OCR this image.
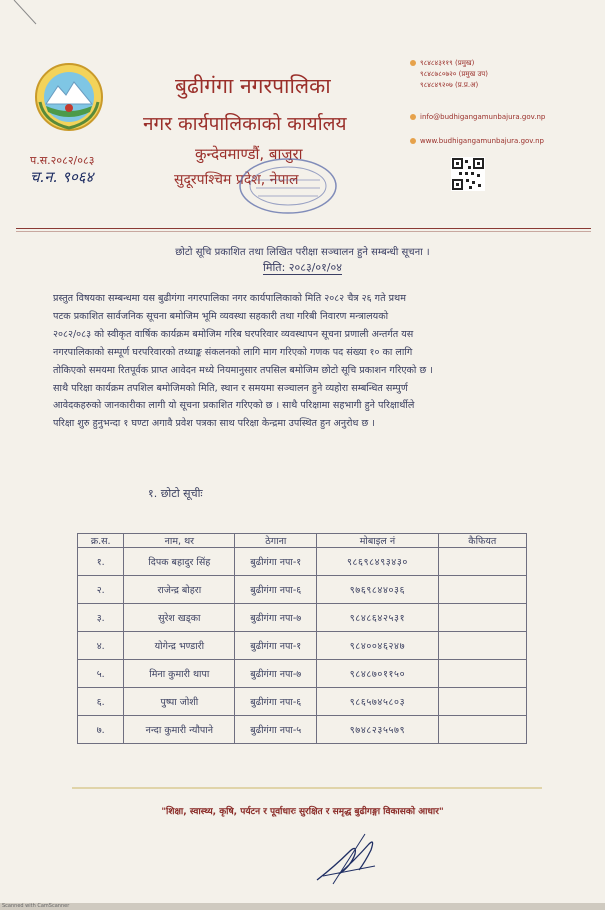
बुढीगंगा नगरपालिका
नगर कार्यपालिकाको कार्यालय
कुन्देवमाण्डौं, बाजुरा
सुदूरपश्चिम प्रदेश, नेपाल
प.स.२०८२/०८३
च.न. ९०६४
९८४८४३११९ (प्रमुख)
९८४८७८०७२० (प्रमुख उप)
९८४८४९२०७ (प्र.प्र.अ)
info@budhigangamunbajura.gov.np
www.budhigangamunbajura.gov.np
छोटो सूचि प्रकाशित तथा लिखित परीक्षा सञ्चालन हुने सम्बन्धी सूचना ।
मिति: २०८३/०१/०४
प्रस्तुत विषयका सम्बन्धमा यस बुढीगंगा नगरपालिका नगर कार्यपालिकाको मिति २०८२ चैत्र २६ गते प्रथम
पटक प्रकाशित सार्वजनिक सूचना बमोजिम भूमि व्यवस्था सहकारी तथा गरिबी निवारण मन्त्रालयको
२०८२/०८३ को स्वीकृत वार्षिक कार्यक्रम बमोजिम गरिब घरपरिवार व्यवस्थापन सूचना प्रणाली अन्तर्गत यस
नगरपालिकाको सम्पूर्ण घरपरिवारको तथ्याङ्क संकलनको लागि माग गरिएको गणक पद संख्या १० का लागि
तोकिएको समयमा रितपूर्वक प्राप्त आवेदन मध्ये नियमानुसार तपसिल बमोजिम छोटो सूचि प्रकाशन गरिएको छ ।
साथै परिक्षा कार्यक्रम तपशिल बमोजिमको मिति, स्थान र समयमा सञ्चालन हुने व्यहोरा सम्बन्धित सम्पुर्ण
आवेदकहरुको जानकारीका लागी यो सूचना प्रकाशित गरिएको छ । साथै परिक्षामा सहभागी हुने परिक्षार्थीले
परिक्षा शुरु हुनुभन्दा १ घण्टा अगावै प्रवेश पत्रका साथ परिक्षा केन्द्रमा उपस्थित हुन अनुरोध छ ।
१. छोटो सूचीः
क्र.स.	नाम, थर	ठेगाना	मोबाइल नं	कैफियत
१.	दिपक बहादुर सिंह	बुढीगंगा नपा-१	९८६९८४९३४३०	
२.	राजेन्द्र बोहरा	बुढीगंगा नपा-६	९७६९८४४०३६	
३.	सुरेश खड्का	बुढीगंगा नपा-७	९८४८६४२५३१	
४.	योगेन्द्र भण्डारी	बुढीगंगा नपा-१	९८४००४६२४७	
५.	मिना कुमारी थापा	बुढीगंगा नपा-७	९८४८७०११५०	
६.	पुष्पा जोशी	बुढीगंगा नपा-६	९८६५७४५८०३	
७.	नन्दा कुमारी न्यौपाने	बुढीगंगा नपा-५	९७४८२३५५७९	
"शिक्षा, स्वास्थ्य, कृषि, पर्यटन र पूर्वाधारः सुरक्षित र समृद्ध बुढीगङ्गा विकासको आधार"
Scanned with CamScanner
